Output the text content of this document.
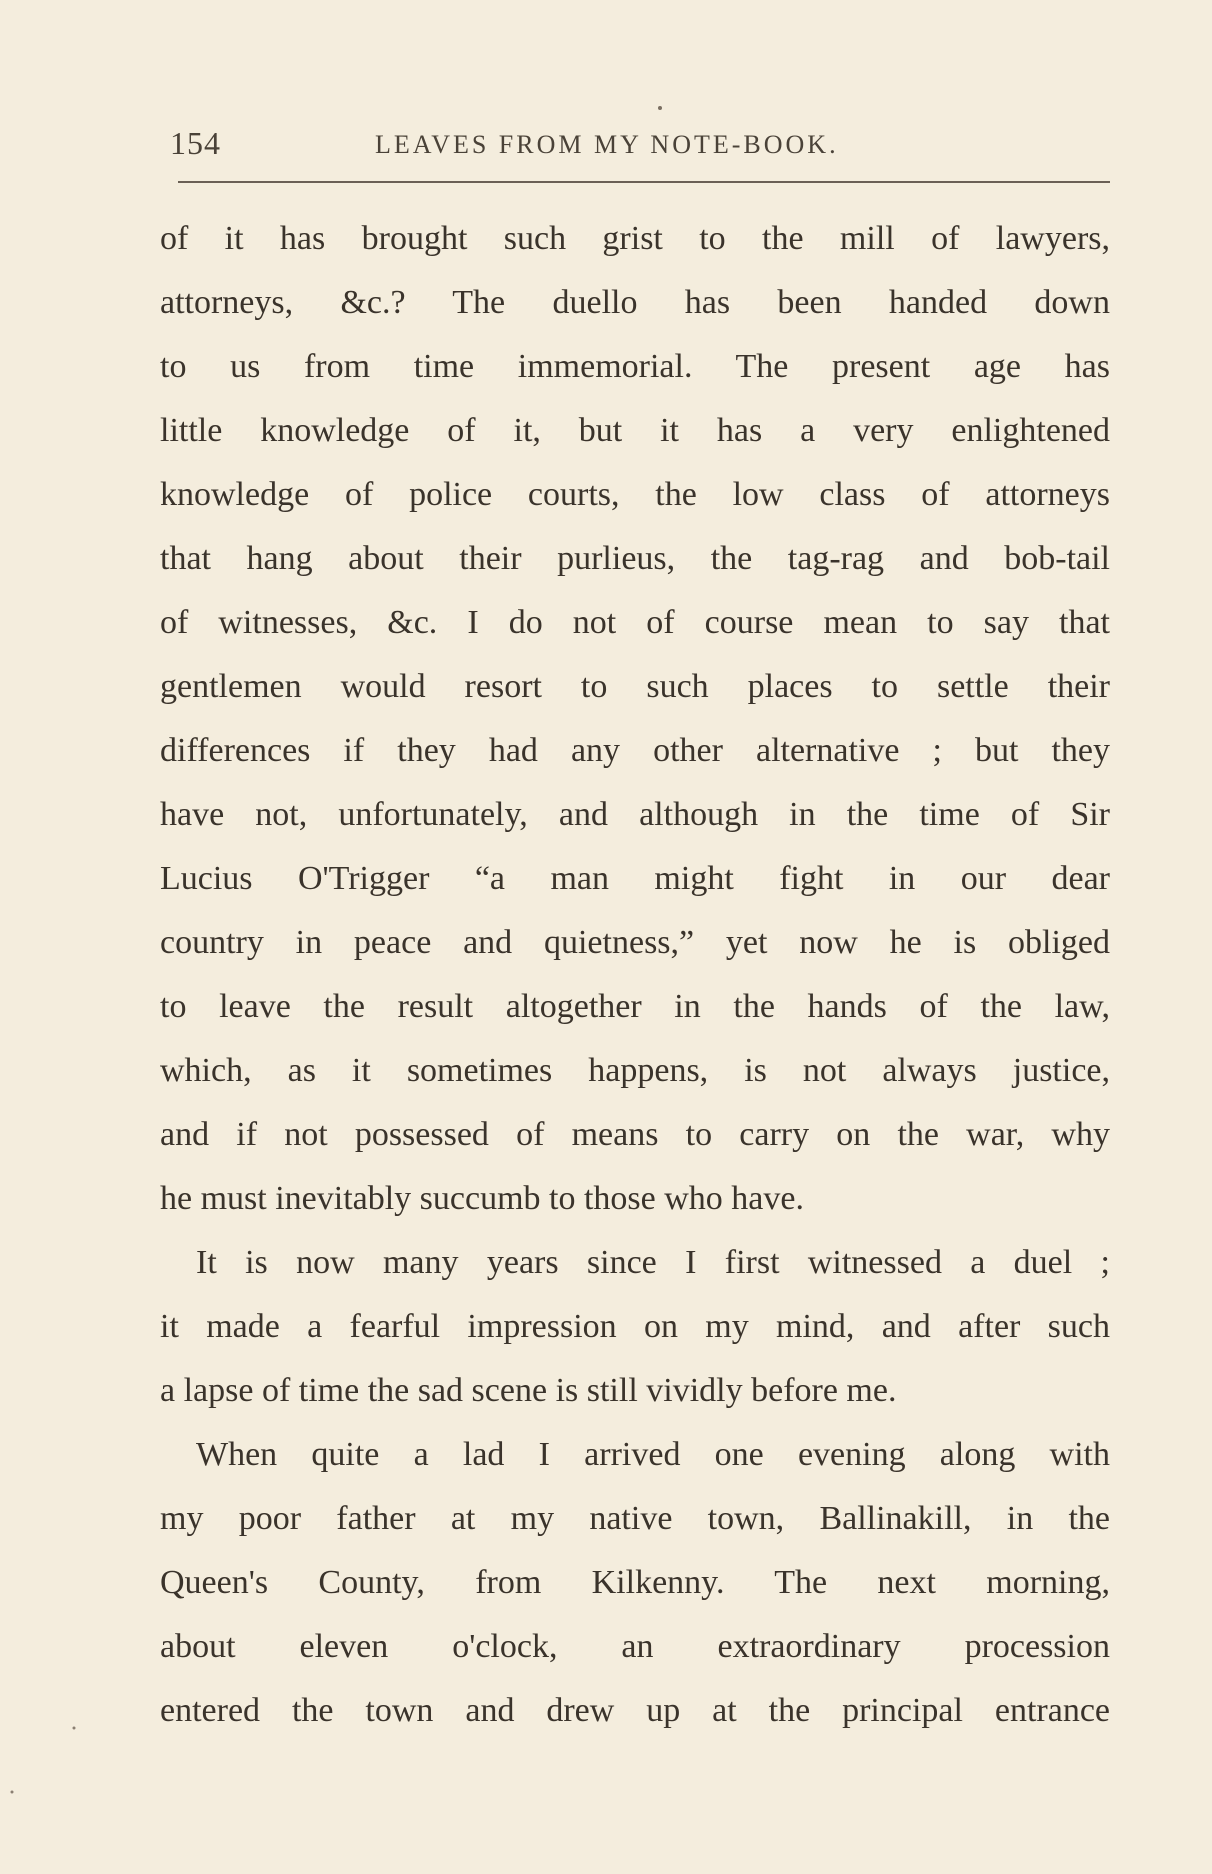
154	LEAVES FROM MY NOTE-BOOK.
of it has brought such grist to the mill of lawyers,
attorneys, &c.? The duello has been handed down
to us from time immemorial. The present age has
little knowledge of it, but it has a very enlightened
knowledge of police courts, the low class of attorneys
that hang about their purlieus, the tag-rag and bob-tail
of witnesses, &c. I do not of course mean to say that
gentlemen would resort to such places to settle their
differences if they had any other alternative ; but they
have not, unfortunately, and although in the time of Sir
Lucius O'Trigger “a man might fight in our dear
country in peace and quietness,” yet now he is obliged
to leave the result altogether in the hands of the law,
which, as it sometimes happens, is not always justice,
and if not possessed of means to carry on the war, why
he must inevitably succumb to those who have.
It is now many years since I first witnessed a duel ;
it made a fearful impression on my mind, and after such
a lapse of time the sad scene is still vividly before me.
When quite a lad I arrived one evening along with
my poor father at my native town, Ballinakill, in the
Queen's County, from Kilkenny. The next morning,
about eleven o'clock, an extraordinary procession
entered the town and drew up at the principal entrance
